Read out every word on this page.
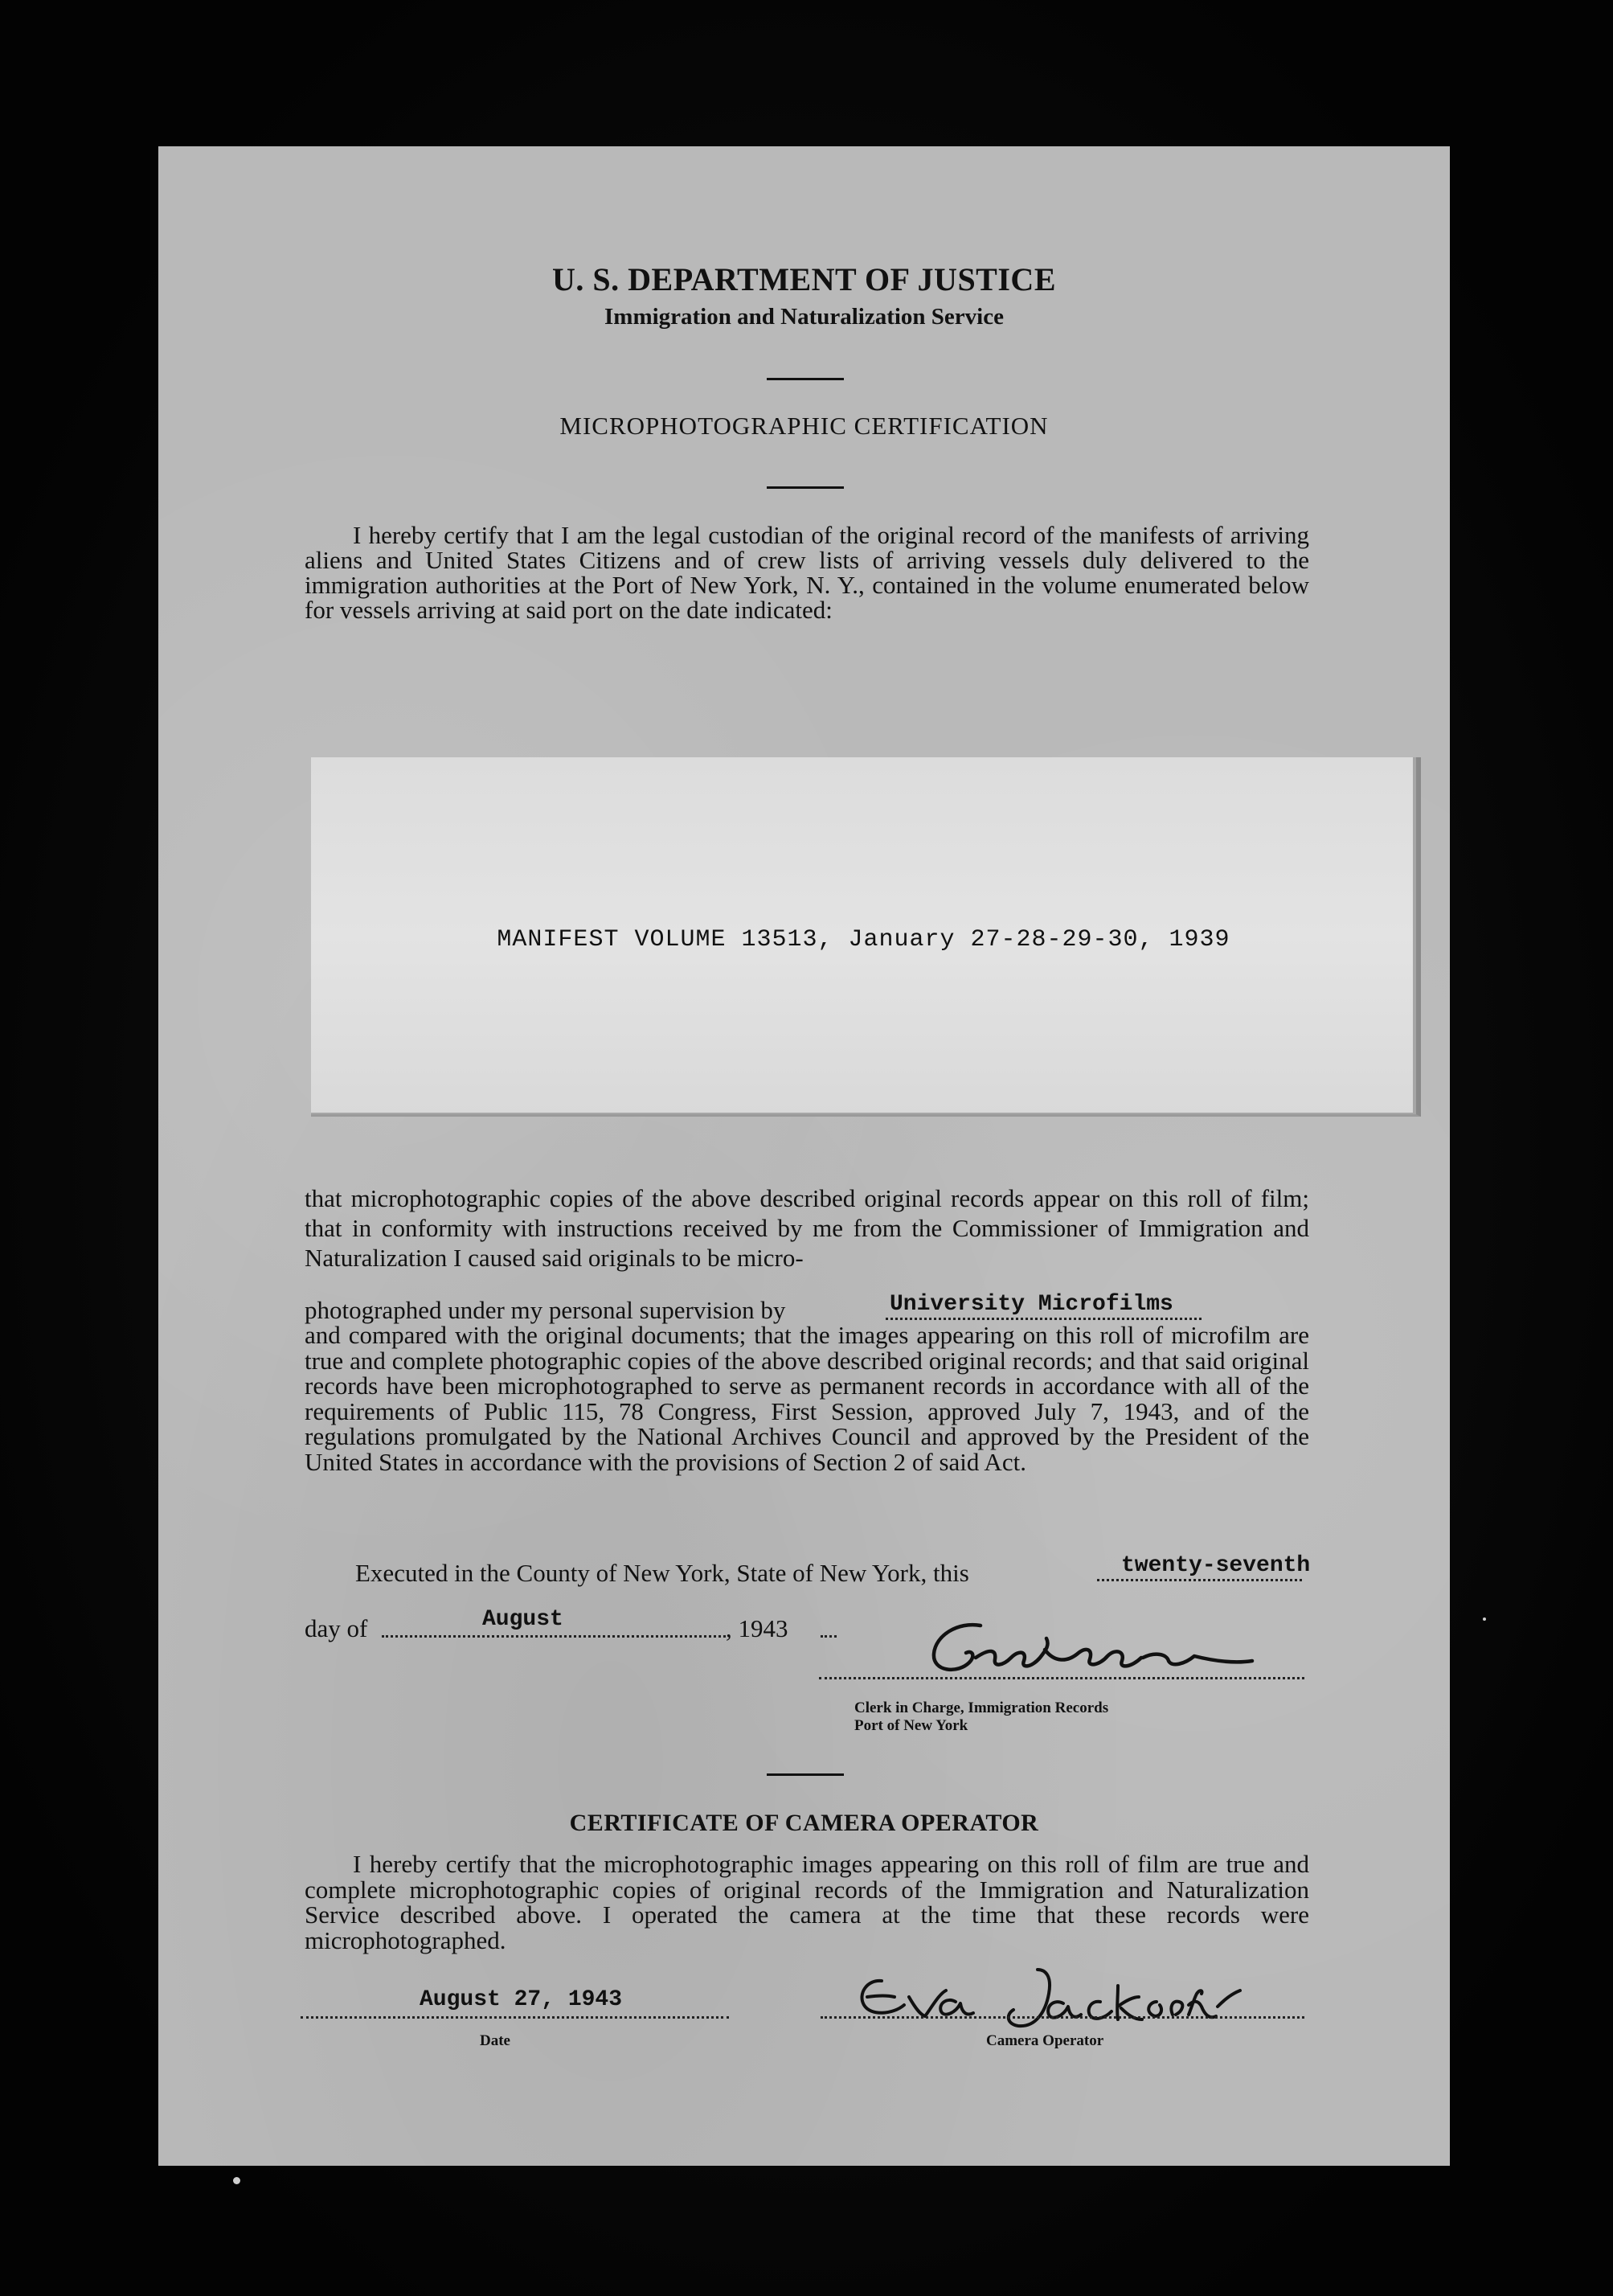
U. S. DEPARTMENT OF JUSTICE
Immigration and Naturalization Service
MICROPHOTOGRAPHIC CERTIFICATION
I hereby certify that I am the legal custodian of the original record of the manifests of arriving aliens and United States Citizens and of crew lists of arriving vessels duly delivered to the immigration authorities at the Port of New York, N. Y., contained in the volume enumerated below for vessels arriving at said port on the date indicated:
MANIFEST VOLUME 13513, January 27-28-29-30, 1939
that microphotographic copies of the above described original records appear on this roll of film; that in conformity with instructions received by me from the Commissioner of Immigration and Naturalization I caused said originals to be micro-
photographed under my personal supervision by	University Microfilms
and compared with the original documents; that the images appearing on this roll of microfilm are true and complete photographic copies of the above described original records; and that said original records have been microphotographed to serve as permanent records in accordance with all of the requirements of Public 115, 78 Congress, First Session, approved July 7, 1943, and of the regulations promulgated by the National Archives Council and approved by the President of the United States in accordance with the provisions of Section 2 of said Act.
Executed in the County of New York, State of New York, this	twenty-seventh
day of	August	, 1943
Clerk in Charge, Immigration Records
Port of New York
CERTIFICATE OF CAMERA OPERATOR
I hereby certify that the microphotographic images appearing on this roll of film are true and complete microphotographic copies of original records of the Immigration and Naturalization Service described above. I operated the camera at the time that these records were microphotographed.
August 27, 1943
Date	Camera Operator
